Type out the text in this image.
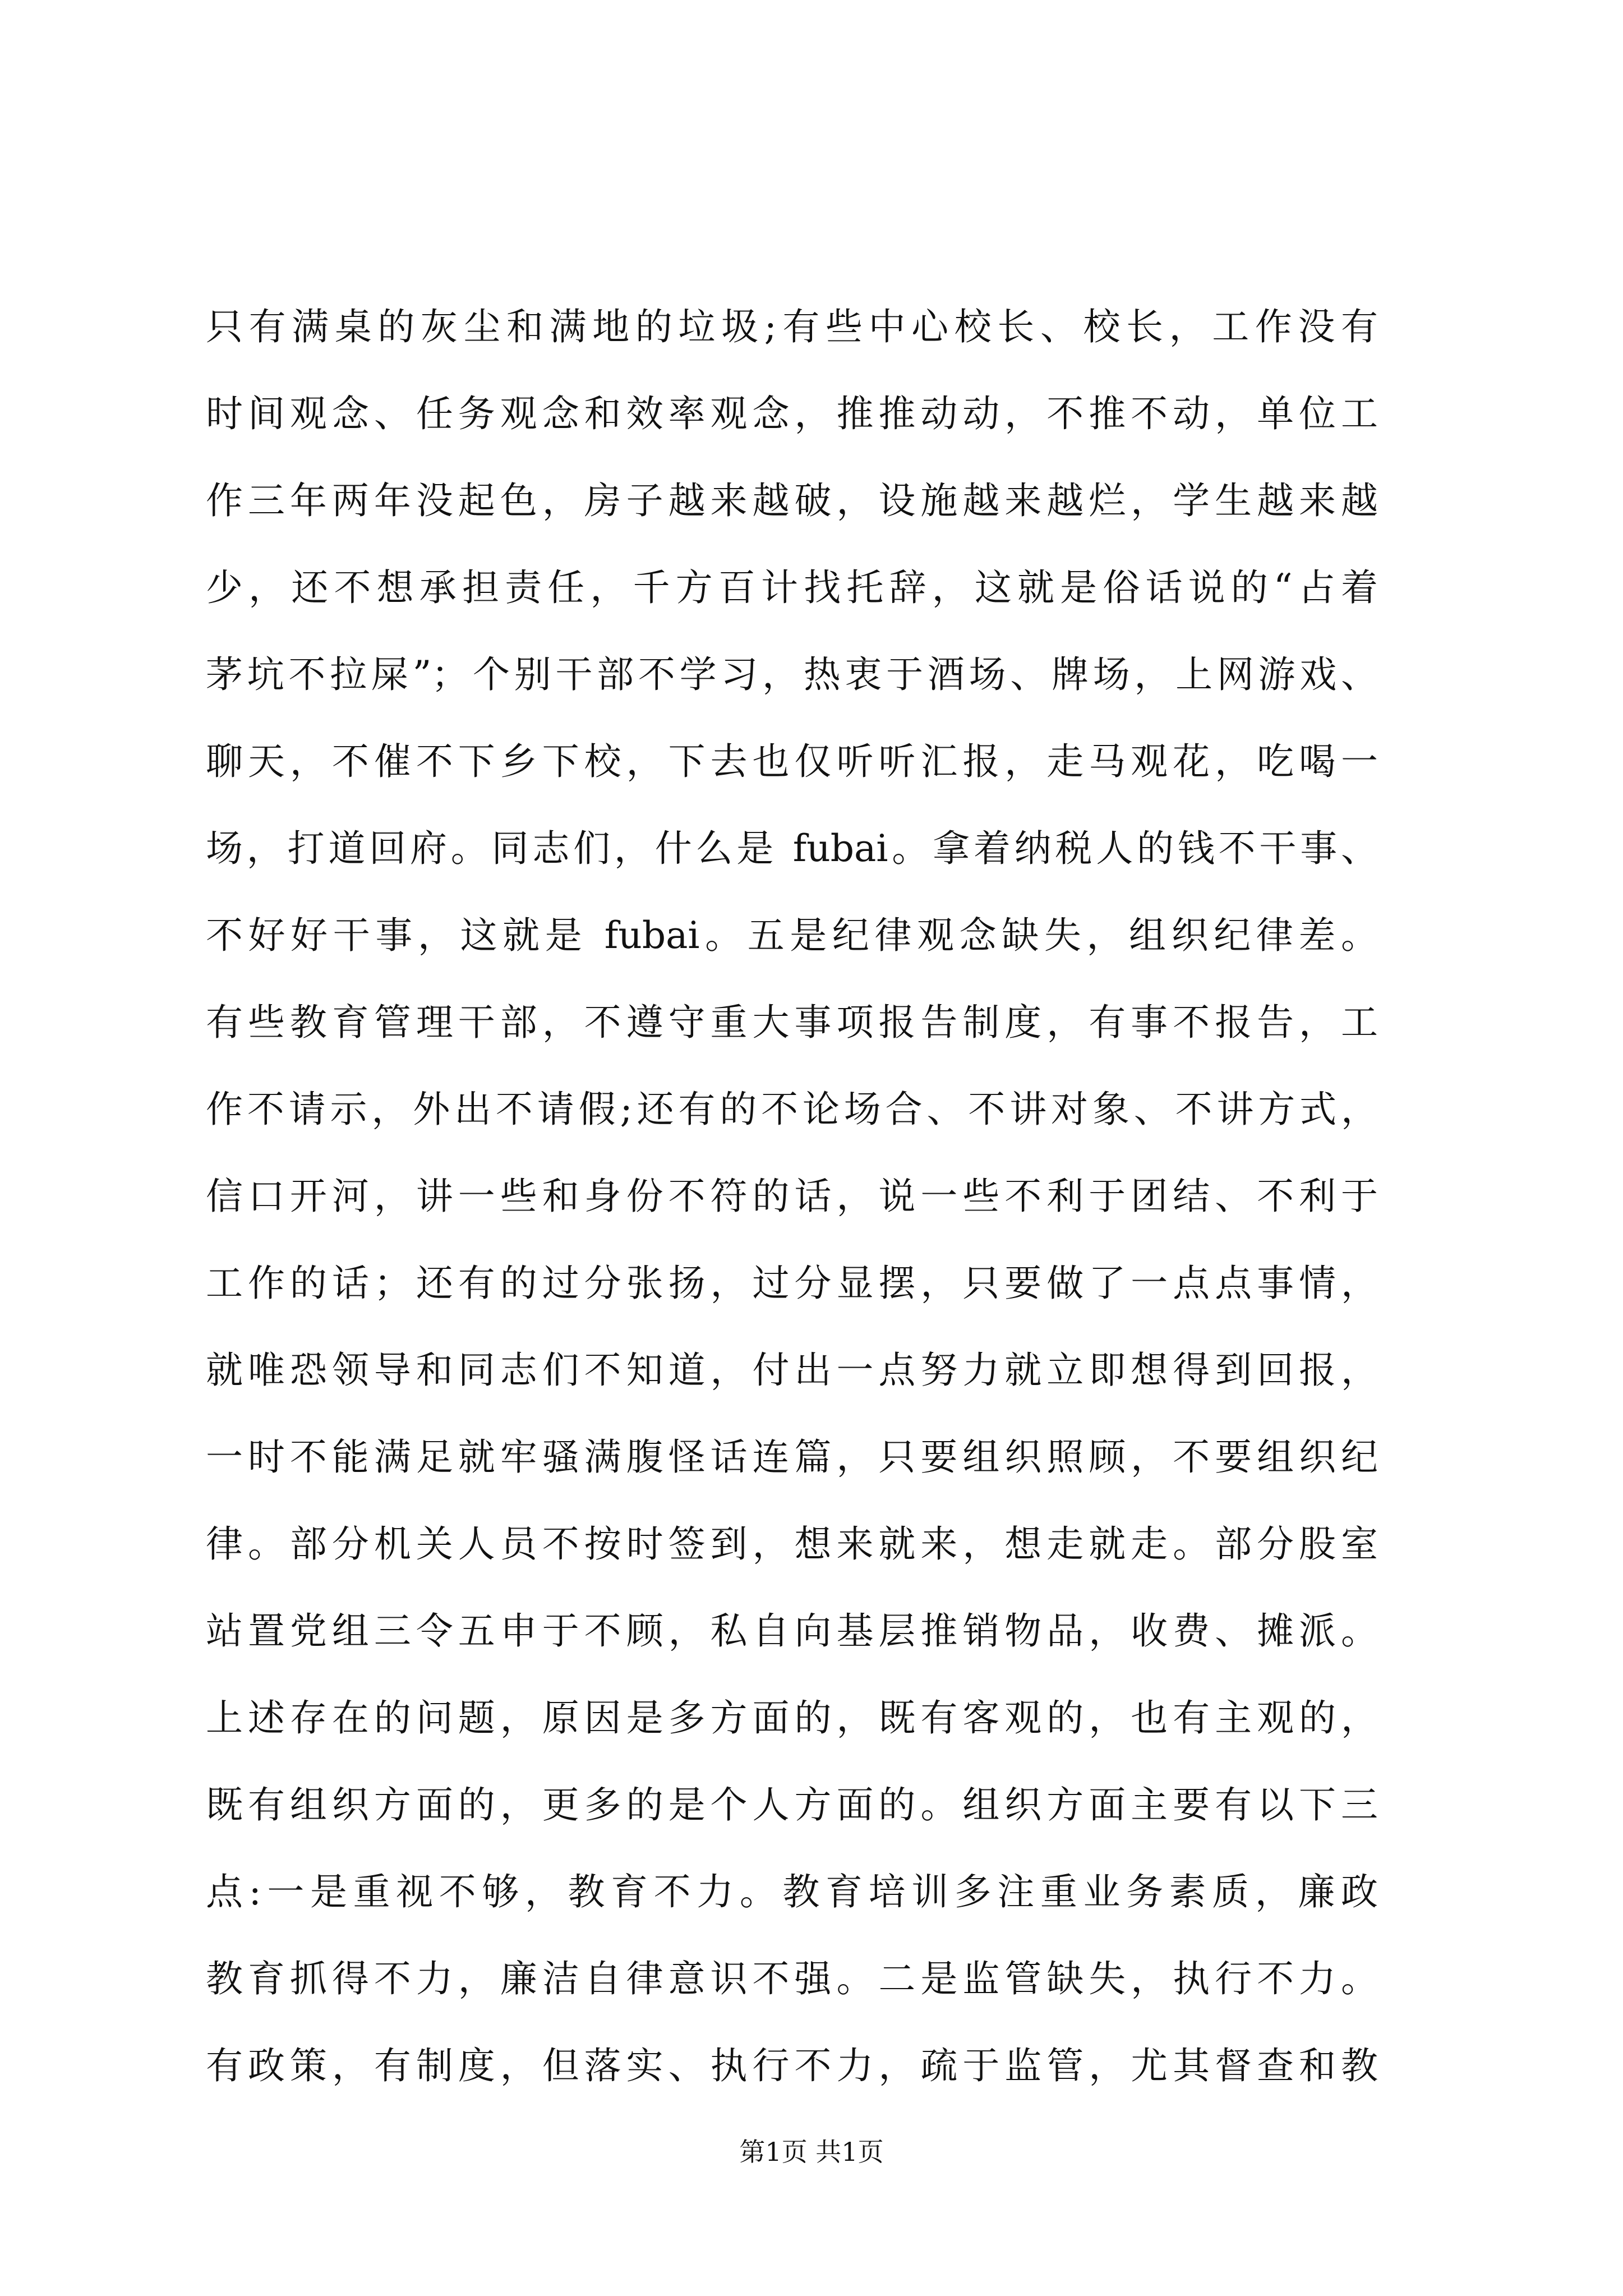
只有满桌的灰尘和满地的垃圾;有些中心校长、校长，工作没有
时间观念、任务观念和效率观念，推推动动，不推不动，单位工
作三年两年没起色，房子越来越破，设施越来越烂，学生越来越
少，还不想承担责任，千方百计找托辞，这就是俗话说的“占着
茅坑不拉屎”；个别干部不学习，热衷于酒场、牌场，上网游戏、
聊天，不催不下乡下校，下去也仅听听汇报，走马观花，吃喝一
场，打道回府。同志们，什么是 fubai。拿着纳税人的钱不干事、
不好好干事，这就是 fubai。五是纪律观念缺失，组织纪律差。
有些教育管理干部，不遵守重大事项报告制度，有事不报告，工
作不请示，外出不请假;还有的不论场合、不讲对象、不讲方式，
信口开河，讲一些和身份不符的话，说一些不利于团结、不利于
工作的话；还有的过分张扬，过分显摆，只要做了一点点事情，
就唯恐领导和同志们不知道，付出一点努力就立即想得到回报，
一时不能满足就牢骚满腹怪话连篇，只要组织照顾，不要组织纪
律。部分机关人员不按时签到，想来就来，想走就走。部分股室
站置党组三令五申于不顾，私自向基层推销物品，收费、摊派。
上述存在的问题，原因是多方面的，既有客观的，也有主观的，
既有组织方面的，更多的是个人方面的。组织方面主要有以下三
点:一是重视不够，教育不力。教育培训多注重业务素质，廉政
教育抓得不力，廉洁自律意识不强。二是监管缺失，执行不力。
有政策，有制度，但落实、执行不力，疏于监管，尤其督查和教
第1页 共1页
